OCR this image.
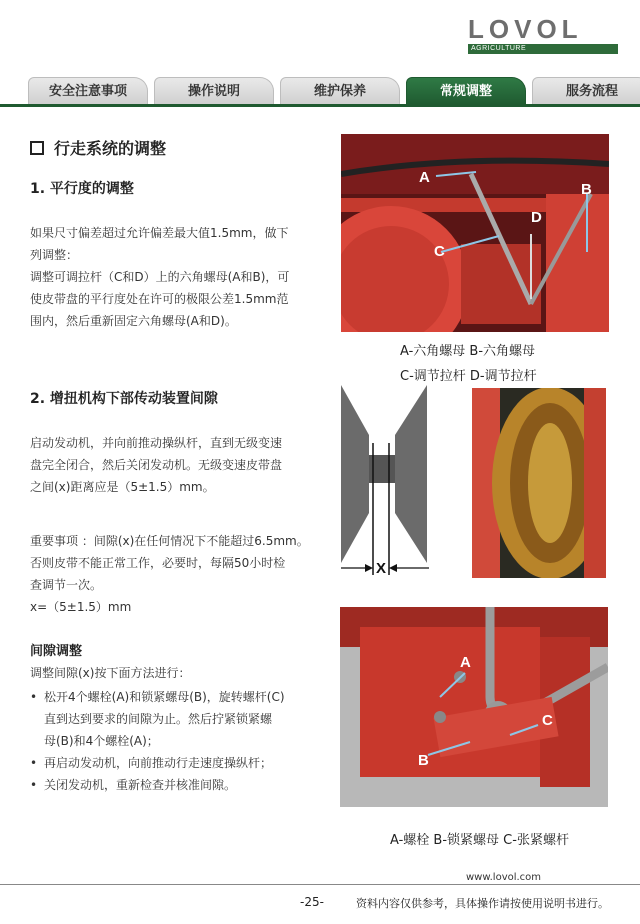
LOVOL
AGRICULTURE
安全注意事项	操作说明	维护保养	常规调整	服务流程
行走系统的调整
1. 平行度的调整
如果尺寸偏差超过允许偏差最大值1.5mm，做下
列调整：
调整可调拉杆（C和D）上的六角螺母(A和B)，可
使皮带盘的平行度处在许可的极限公差1.5mm范
围内，然后重新固定六角螺母(A和D)。
A
B
C
D
A-六角螺母 B-六角螺母
C-调节拉杆 D-调节拉杆
2. 增扭机构下部传动装置间隙
启动发动机，并向前推动操纵杆，直到无级变速
盘完全闭合，然后关闭发动机。无级变速皮带盘
之间(x)距离应是（5±1.5）mm。
重要事项 ：间隙(x)在任何情况下不能超过6.5mm。
否则皮带不能正常工作，必要时，每隔50小时检
查调节一次。
x=（5±1.5）mm
间隙调整
调整间隙(x)按下面方法进行：
• 松开4个螺栓(A)和锁紧螺母(B)，旋转螺杆(C)
直到达到要求的间隙为止。然后拧紧锁紧螺
母(B)和4个螺栓(A)；
• 再启动发动机，向前推动行走速度操纵杆；
• 关闭发动机，重新检查并核准间隙。
X
A
B
C
A-螺栓 B-锁紧螺母 C-张紧螺杆
www.lovol.com
-25-	资料内容仅供参考，具体操作请按使用说明书进行。
